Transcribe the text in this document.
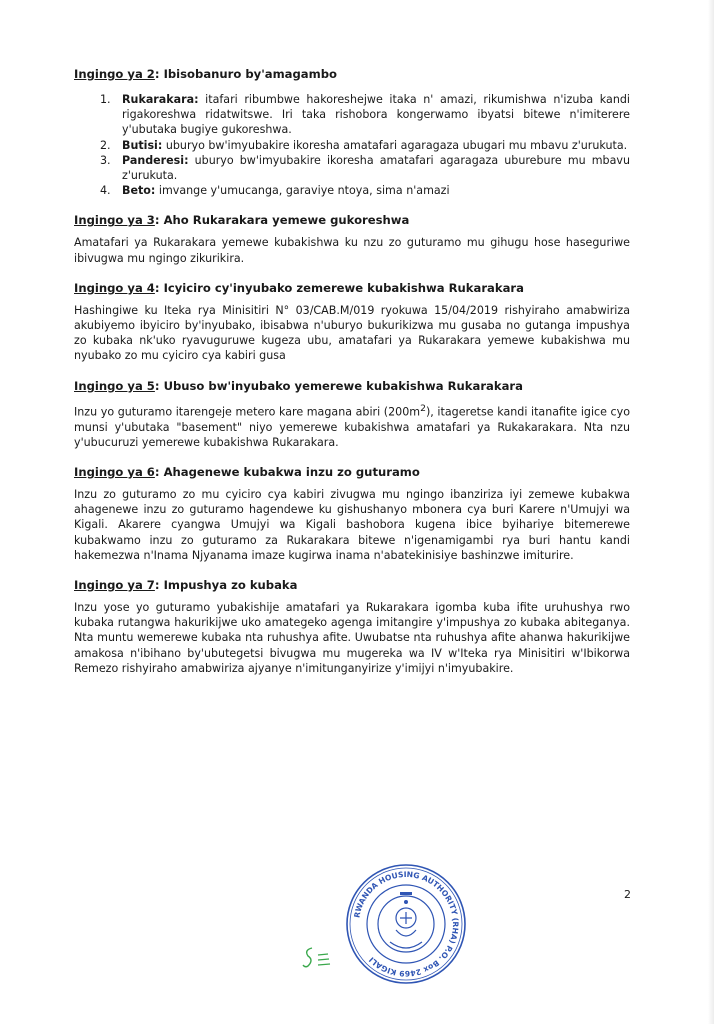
Ingingo ya 2: Ibisobanuro by'amagambo

1. Rukarakara: itafari ribumbwe hakoreshejwe itaka n' amazi, rikumishwa n'izuba kandi rigakoreshwa ridatwitswe. Iri taka rishobora kongerwamo ibyatsi bitewe n'imiterere y'ubutaka bugiye gukoreshwa.
2. Butisi: uburyo bw'imyubakire ikoresha amatafari agaragaza ubugari mu mbavu z'urukuta.
3. Panderesi: uburyo bw'imyubakire ikoresha amatafari agaragaza uburebure mu mbavu z'urukuta.
4. Beto: imvange y'umucanga, garaviye ntoya, sima n'amazi

Ingingo ya 3: Aho Rukarakara yemewe gukoreshwa

Amatafari ya Rukarakara yemewe kubakishwa ku nzu zo guturamo mu gihugu hose haseguriwe ibivugwa mu ngingo zikurikira.

Ingingo ya 4: Icyiciro cy'inyubako zemerewe kubakishwa Rukarakara

Hashingiwe ku Iteka rya Minisitiri N° 03/CAB.M/019 ryokuwa 15/04/2019 rishyiraho amabwiriza akubiyemo ibyiciro by'inyubako, ibisabwa n'uburyo bukurikizwa mu gusaba no gutanga impushya zo kubaka nk'uko ryavuguruwe kugeza ubu, amatafari ya Rukarakara yemewe kubakishwa mu nyubako zo mu cyiciro cya kabiri gusa

Ingingo ya 5: Ubuso bw'inyubako yemerewe kubakishwa Rukarakara

Inzu yo guturamo itarengeje metero kare magana abiri $(200m^2)$, itageretse kandi itanafite igice cyo munsi y'ubutaka "basement" niyo yemerewe kubakishwa amatafari ya Rukakarakara. Nta nzu y'ubucuruzi yemerewe kubakishwa Rukarakara.

Ingingo ya 6: Ahagenewe kubakwa inzu zo guturamo

Inzu zo guturamo zo mu cyiciro cya kabiri zivugwa mu ngingo ibanziriza iyi zemewe kubakwa ahagenewe inzu zo guturamo hagendewe ku gishushanyo mbonera cya buri Karere n'Umujyi wa Kigali. Akarere cyangwa Umujyi wa Kigali bashobora kugena ibice byihariye bitemerewe kubakwamo inzu zo guturamo za Rukarakara bitewe n'igenamigambi rya buri hantu kandi hakemezwa n'Inama Njyanama imaze kugirwa inama n'abatekinisiye bashinzwe imiturire.

Ingingo ya 7: Impushya zo kubaka

Inzu yose yo guturamo yubakishije amatafari ya Rukarakara igomba kuba ifite uruhushya rwo kubaka rutangwa hakurikijwe uko amategeko agenga imitangire y'impushya zo kubaka abiteganya. Nta muntu wemerewe kubaka nta ruhushya afite. Uwubatse nta ruhushya afite ahanwa hakurikijwe amakosa n'ibihano by'ubutegetsi bivugwa mu mugereka wa IV w'Iteka rya Minisitiri w'Ibikorwa Remezo rishyiraho amabwiriza ajyanye n'imitunganyirize y'imijyi n'imyubakire.

2
RWANDA HOUSING AUTHORITY (RHA) P.O. Box 2469 KIGALI
